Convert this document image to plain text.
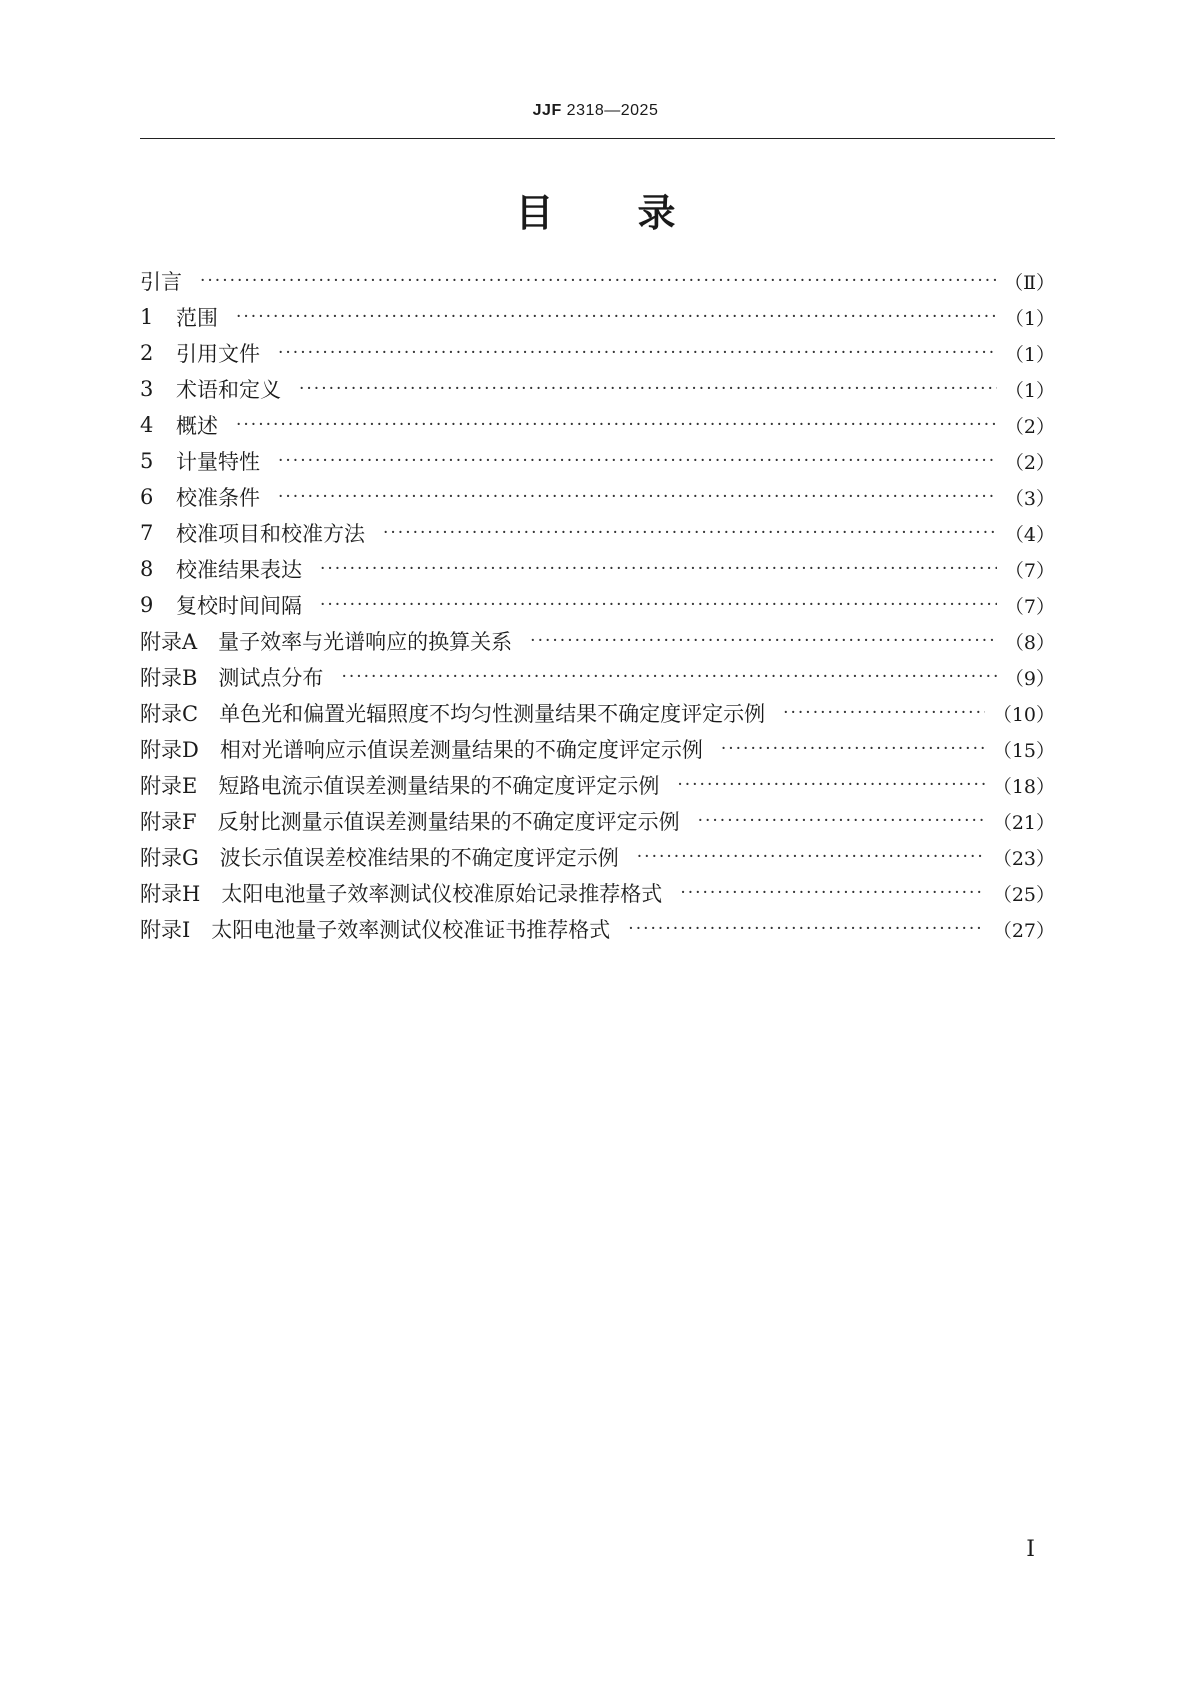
JJF 2318—2025
目录
引言 ·····	（Ⅱ）
1	范围 ·····	（1）
2	引用文件 ·····	（1）
3	术语和定义 ·····	（1）
4	概述 ·····	（2）
5	计量特性 ·····	（2）
6	校准条件 ·····	（3）
7	校准项目和校准方法 ·····	（4）
8	校准结果表达 ·····	（7）
9	复校时间间隔 ·····	（7）
附录A　量子效率与光谱响应的换算关系 ·····	（8）
附录B　测试点分布 ·····	（9）
附录C　单色光和偏置光辐照度不均匀性测量结果不确定度评定示例 ·····	（10）
附录D　相对光谱响应示值误差测量结果的不确定度评定示例 ·····	（15）
附录E　短路电流示值误差测量结果的不确定度评定示例 ·····	（18）
附录F　反射比测量示值误差测量结果的不确定度评定示例 ·····	（21）
附录G　波长示值误差校准结果的不确定度评定示例 ·····	（23）
附录H　太阳电池量子效率测试仪校准原始记录推荐格式 ·····	（25）
附录I　太阳电池量子效率测试仪校准证书推荐格式 ·····	（27）
Ⅰ
